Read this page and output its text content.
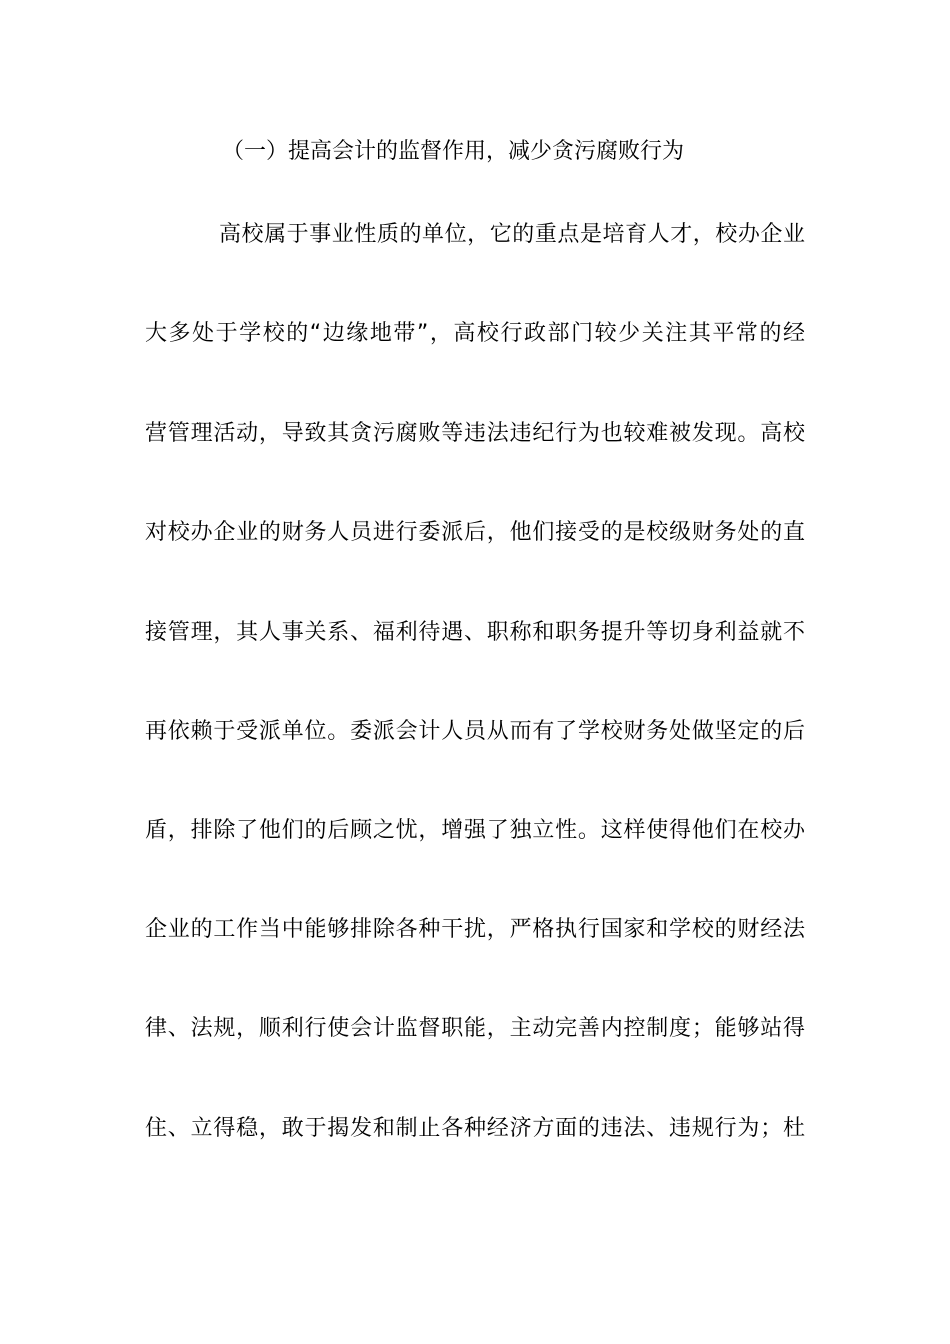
（一）提高会计的监督作用，减少贪污腐败行为
高校属于事业性质的单位，它的重点是培育人才，校办企业
大多处于学校的“边缘地带”，高校行政部门较少关注其平常的经
营管理活动，导致其贪污腐败等违法违纪行为也较难被发现。高校
对校办企业的财务人员进行委派后，他们接受的是校级财务处的直
接管理，其人事关系、福利待遇、职称和职务提升等切身利益就不
再依赖于受派单位。委派会计人员从而有了学校财务处做坚定的后
盾，排除了他们的后顾之忧，增强了独立性。这样使得他们在校办
企业的工作当中能够排除各种干扰，严格执行国家和学校的财经法
律、法规，顺利行使会计监督职能，主动完善内控制度；能够站得
住、立得稳，敢于揭发和制止各种经济方面的违法、违规行为；杜
